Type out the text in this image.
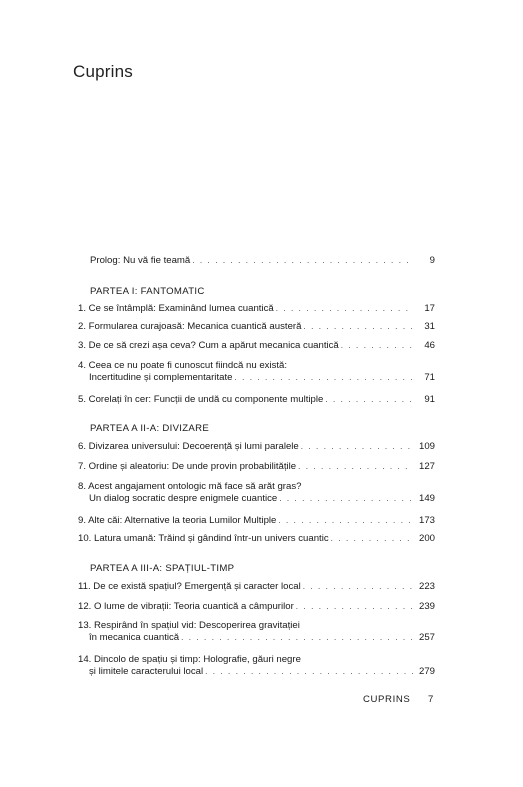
Cuprins
Prolog: Nu vă fie teamă . . .	9
PARTEA I: FANTOMATIC
1. Ce se întâmplă: Examinând lumea cuantică . . .	17
2. Formularea curajoasă: Mecanica cuantică austeră . . .	31
3. De ce să crezi așa ceva? Cum a apărut mecanica cuantică . . .	46
4. Ceea ce nu poate fi cunoscut fiindcă nu există:
Incertitudine și complementaritate . . .	71
5. Corelați în cer: Funcții de undă cu componente multiple . . .	91
PARTEA A II-A: DIVIZARE
6. Divizarea universului: Decoerență și lumi paralele . . .	109
7. Ordine și aleatoriu: De unde provin probabilitățile . . .	127
8. Acest angajament ontologic mă face să arăt gras?
Un dialog socratic despre enigmele cuantice . . .	149
9. Alte căi: Alternative la teoria Lumilor Multiple . . .	173
10. Latura umană: Trăind și gândind într-un univers cuantic . . .	200
PARTEA A III-A: SPAȚIUL-TIMP
11. De ce există spațiul? Emergență și caracter local . . .	223
12. O lume de vibrații: Teoria cuantică a câmpurilor . . .	239
13. Respirând în spațiul vid: Descoperirea gravitației
în mecanica cuantică . . .	257
14. Dincolo de spațiu și timp: Holografie, găuri negre
și limitele caracterului local . . .	279
CUPRINS 7
